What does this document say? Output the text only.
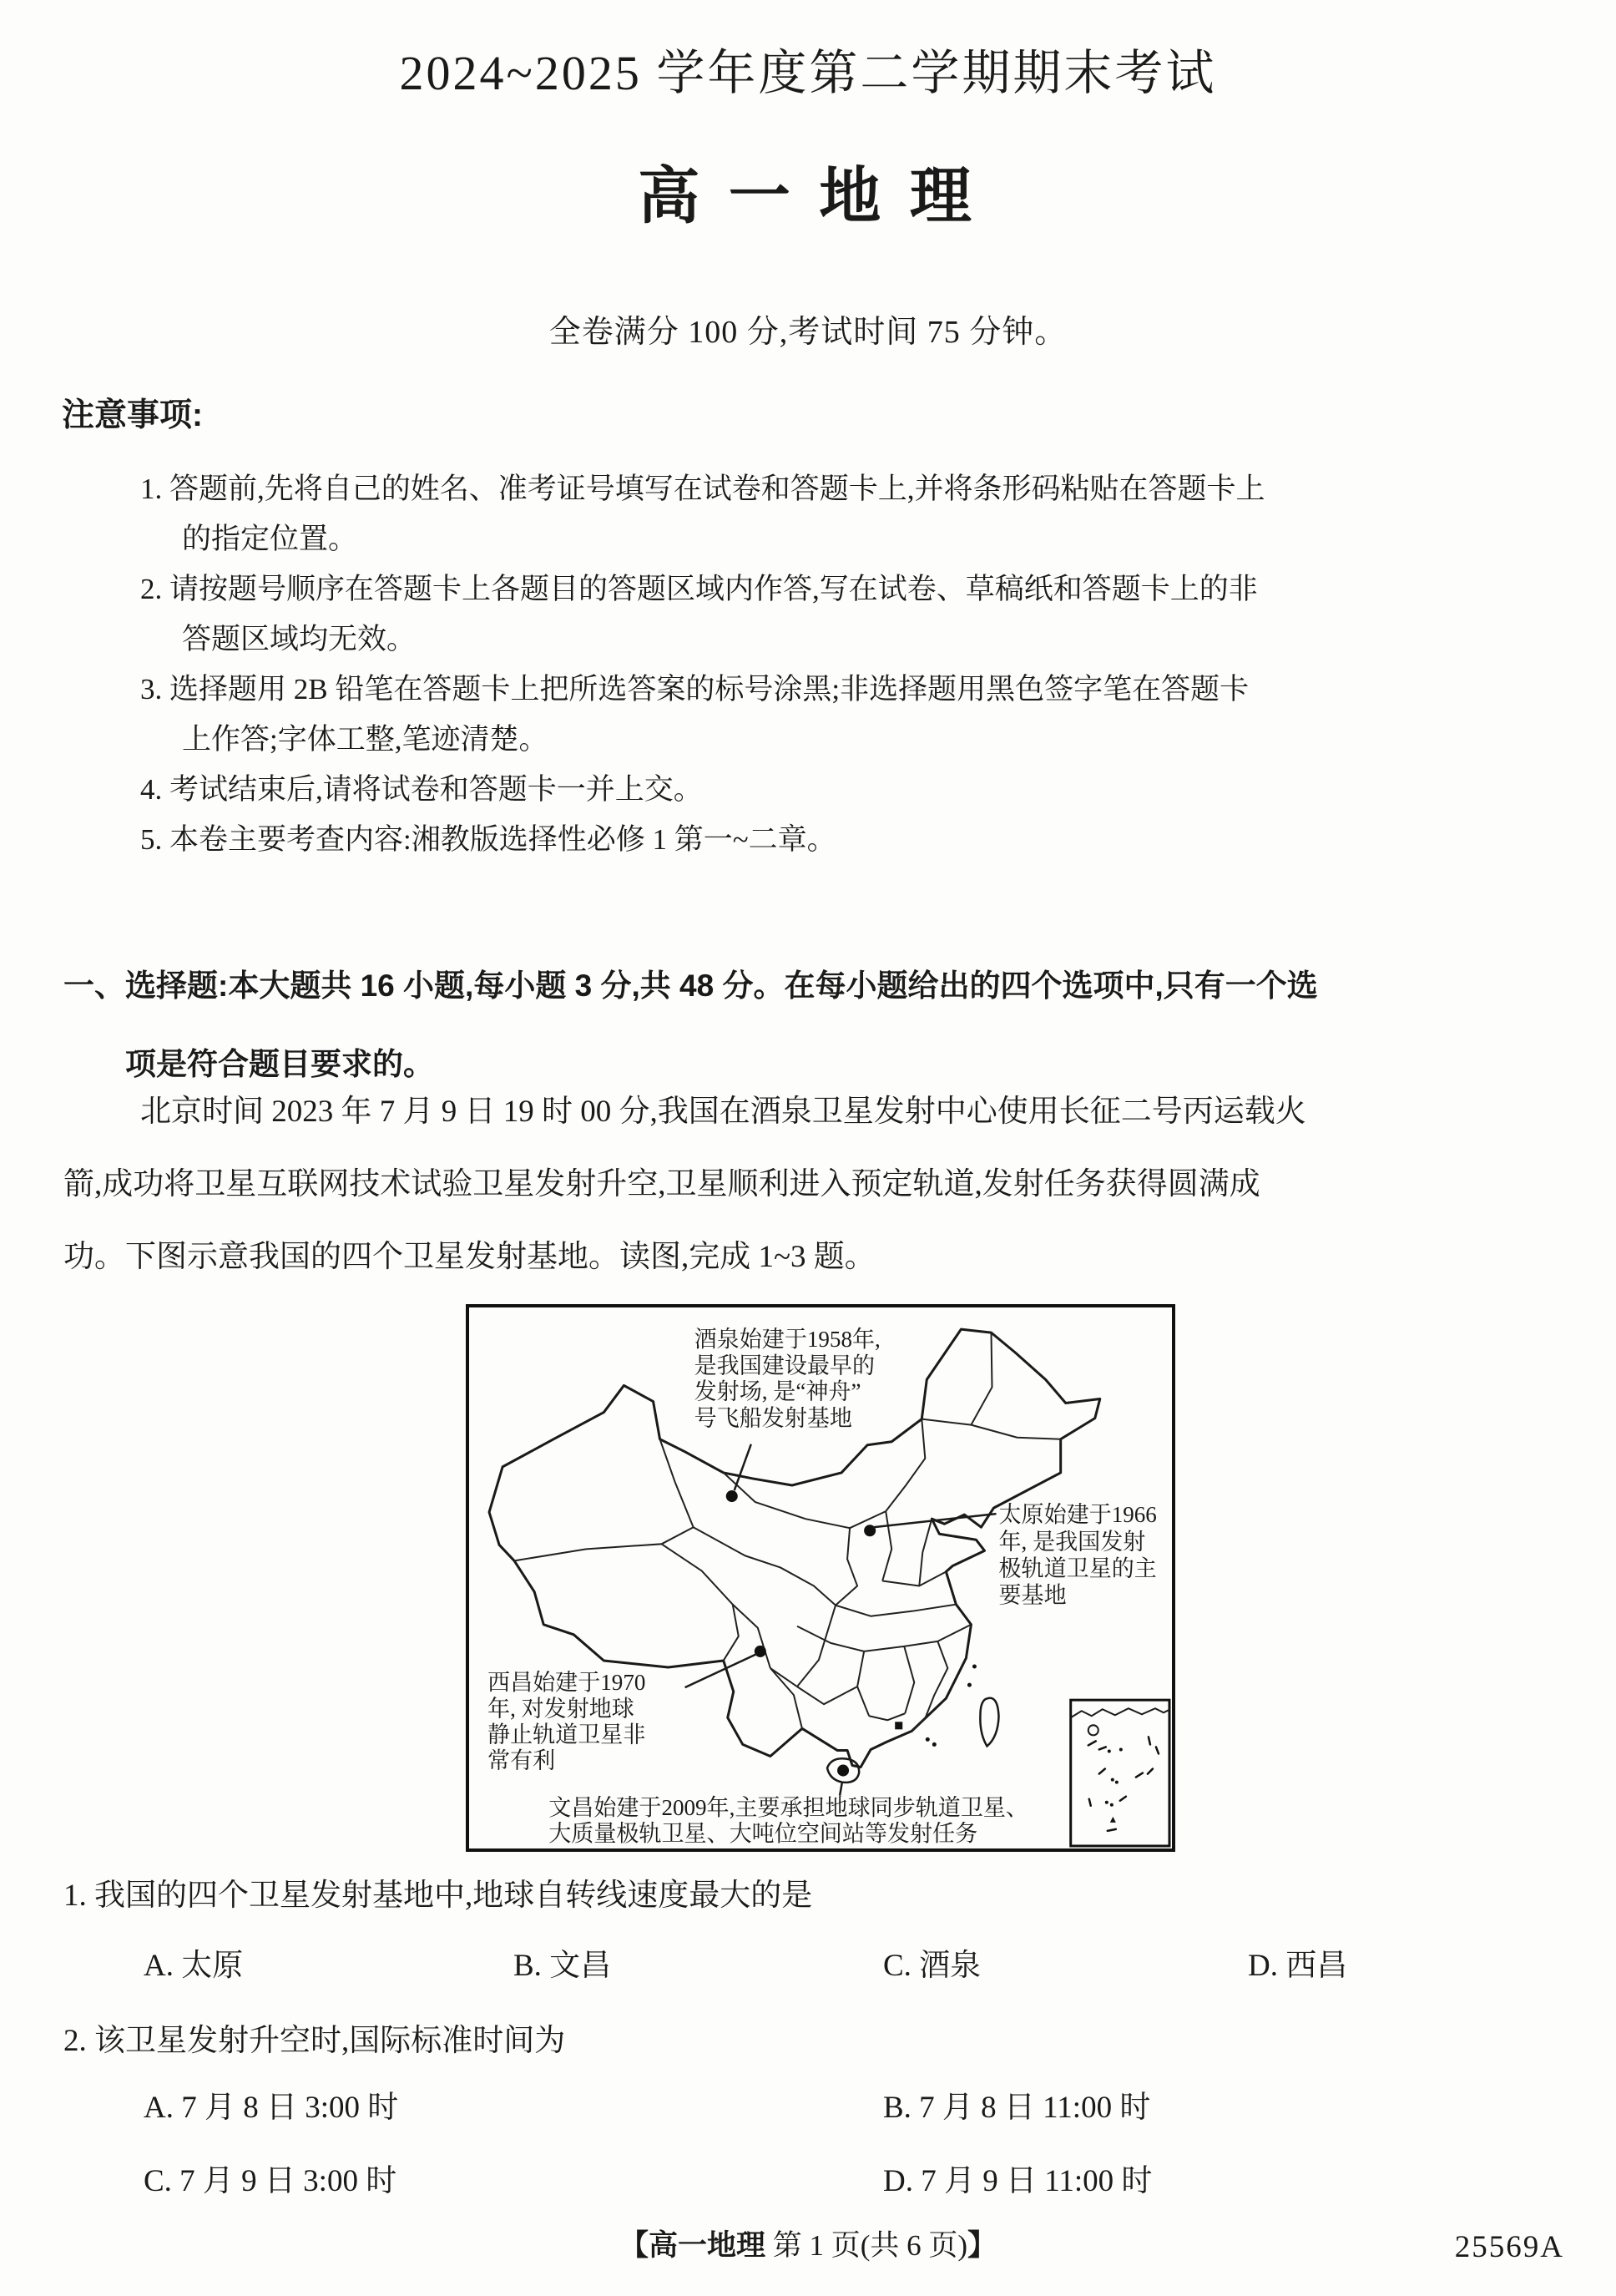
2024~2025 学年度第二学期期末考试
高 一 地 理
全卷满分 100 分,考试时间 75 分钟。
注意事项:
1. 答题前,先将自己的姓名、准考证号填写在试卷和答题卡上,并将条形码粘贴在答题卡上
的指定位置。
2. 请按题号顺序在答题卡上各题目的答题区域内作答,写在试卷、草稿纸和答题卡上的非
答题区域均无效。
3. 选择题用 2B 铅笔在答题卡上把所选答案的标号涂黑;非选择题用黑色签字笔在答题卡
上作答;字体工整,笔迹清楚。
4. 考试结束后,请将试卷和答题卡一并上交。
5. 本卷主要考查内容:湘教版选择性必修 1 第一~二章。
一、选择题:本大题共 16 小题,每小题 3 分,共 48 分。在每小题给出的四个选项中,只有一个选
项是符合题目要求的。
北京时间 2023 年 7 月 9 日 19 时 00 分,我国在酒泉卫星发射中心使用长征二号丙运载火
箭,成功将卫星互联网技术试验卫星发射升空,卫星顺利进入预定轨道,发射任务获得圆满成
功。下图示意我国的四个卫星发射基地。读图,完成 1~3 题。
酒泉始建于1958年,
是我国建设最早的
发射场, 是“神舟”
号飞船发射基地
太原始建于1966
年, 是我国发射
极轨道卫星的主
要基地
西昌始建于1970
年, 对发射地球
静止轨道卫星非
常有利
文昌始建于2009年,主要承担地球同步轨道卫星、
大质量极轨卫星、大吨位空间站等发射任务
1. 我国的四个卫星发射基地中,地球自转线速度最大的是
A. 太原	B. 文昌	C. 酒泉	D. 西昌
2. 该卫星发射升空时,国际标准时间为
A. 7 月 8 日 3:00 时	B. 7 月 8 日 11:00 时
C. 7 月 9 日 3:00 时	D. 7 月 9 日 11:00 时
【高一地理 第 1 页(共 6 页)】	25569A
